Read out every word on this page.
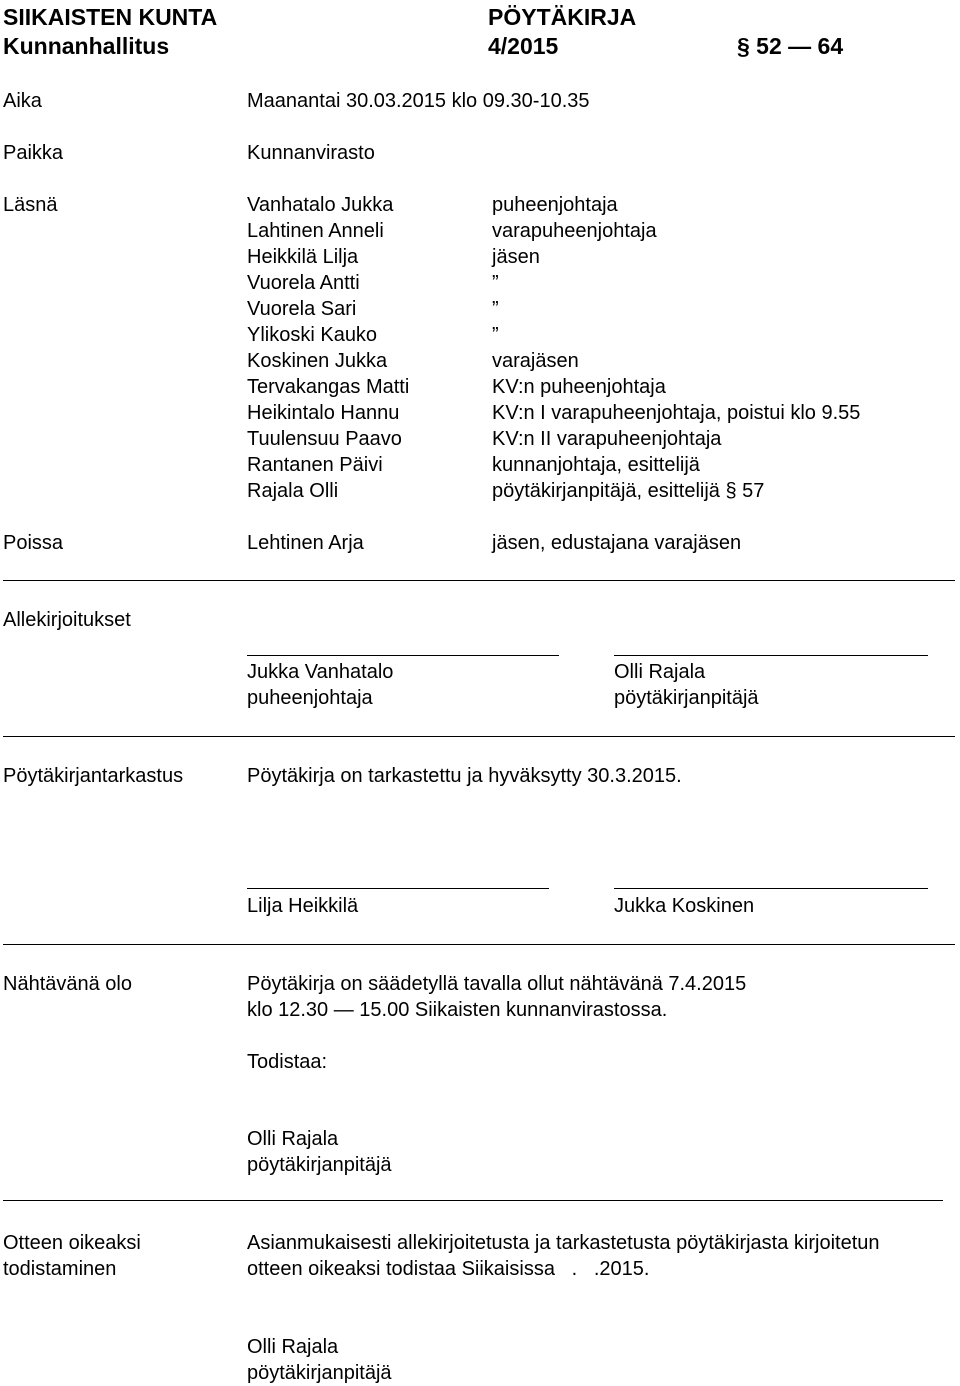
SIIKAISTEN KUNTA
Kunnanhallitus
PÖYTÄKIRJA
4/2015	§ 52 — 64
Aika	Maanantai 30.03.2015 klo 09.30-10.35
Paikka	Kunnanvirasto
Läsnä	Vanhatalo Jukka	puheenjohtaja
Lahtinen Anneli	varapuheenjohtaja
Heikkilä Lilja	jäsen
Vuorela Antti	”
Vuorela Sari	”
Ylikoski Kauko	”
Koskinen Jukka	varajäsen
Tervakangas Matti	KV:n puheenjohtaja
Heikintalo Hannu	KV:n I varapuheenjohtaja, poistui klo 9.55
Tuulensuu Paavo	KV:n II varapuheenjohtaja
Rantanen Päivi	kunnanjohtaja, esittelijä
Rajala Olli	pöytäkirjanpitäjä, esittelijä § 57
Poissa	Lehtinen Arja	jäsen, edustajana varajäsen
Allekirjoitukset
Jukka Vanhatalo
puheenjohtaja
Olli Rajala
pöytäkirjanpitäjä
Pöytäkirjantarkastus	Pöytäkirja on tarkastettu ja hyväksytty 30.3.2015.
Lilja Heikkilä	Jukka Koskinen
Nähtävänä olo	Pöytäkirja on säädetyllä tavalla ollut nähtävänä 7.4.2015
klo 12.30 — 15.00 Siikaisten kunnanvirastossa.
Todistaa:
Olli Rajala
pöytäkirjanpitäjä
Otteen oikeaksi
todistaminen
Asianmukaisesti allekirjoitetusta ja tarkastetusta pöytäkirjasta kirjoitetun
otteen oikeaksi todistaa Siikaisissa   .   .2015.
Olli Rajala
pöytäkirjanpitäjä
